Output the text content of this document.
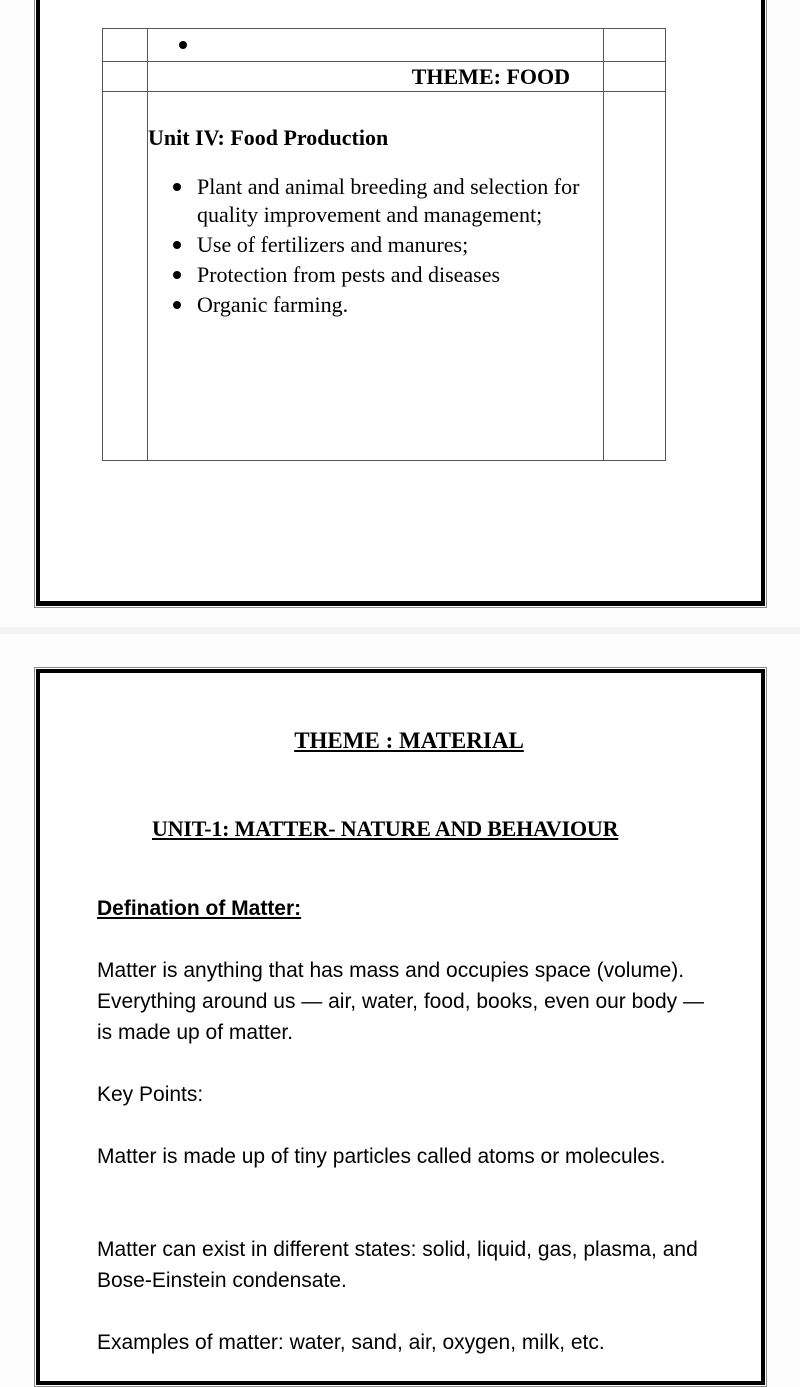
	THEME: FOOD	

Unit IV: Food Production
Plant and animal breeding and selection for quality improvement and management;
Use of fertilizers and manures;
Protection from pests and diseases
Organic farming.

THEME : MATERIAL
UNIT-1: MATTER- NATURE AND BEHAVIOUR

Defination of Matter:

Matter is anything that has mass and occupies space (volume). Everything around us — air, water, food, books, even our body — is made up of matter.

Key Points:

Matter is made up of tiny particles called atoms or molecules.

Matter can exist in different states: solid, liquid, gas, plasma, and Bose-Einstein condensate.

Examples of matter: water, sand, air, oxygen, milk, etc.
